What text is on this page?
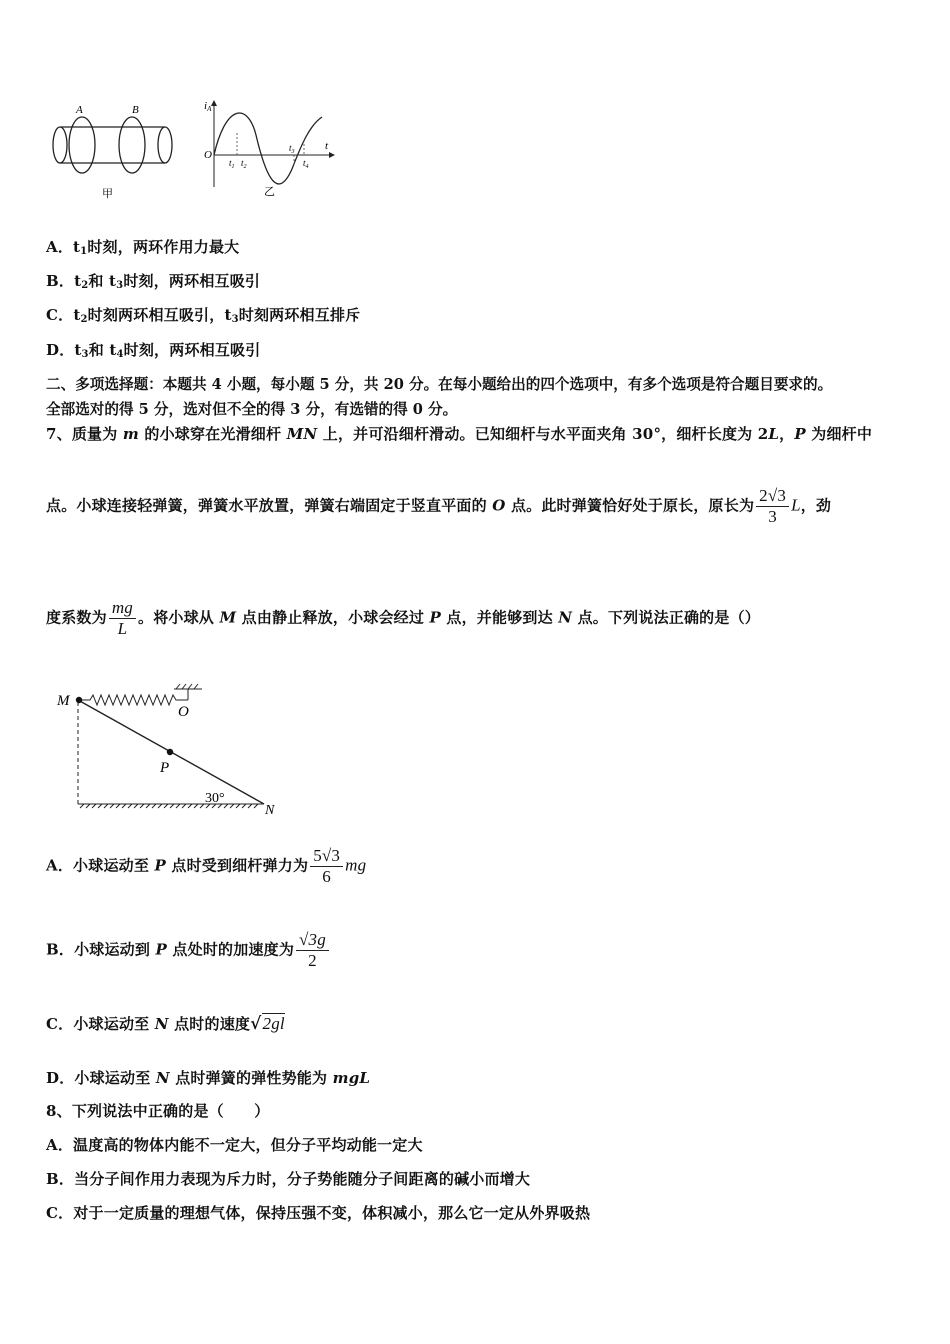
A	B
甲
iA
t
O
$t_1$ $t_2$
$t_3$
$t_4$
乙
A．$t_1$时刻，两环作用力最大
B．$t_2$和 $t_3$时刻，两环相互吸引
C．$t_2$时刻两环相互吸引，$t_3$时刻两环相互排斥
D．$t_3$和 $t_4$时刻，两环相互吸引
二、多项选择题：本题共 4 小题，每小题 5 分，共 20 分。在每小题给出的四个选项中，有多个选项是符合题目要求的。
全部选对的得 5 分，选对但不全的得 3 分，有选错的得 0 分。
7、质量为 m 的小球穿在光滑细杆 MN 上，并可沿细杆滑动。已知细杆与水平面夹角 30°，细杆长度为 2L，P 为细杆中
点。小球连接轻弹簧，弹簧水平放置，弹簧右端固定于竖直平面的 O 点。此时弹簧恰好处于原长，原长为 $\frac{2√3}{3}$ L，劲
度系数为 $\frac{mg}{L}$ 。将小球从 M 点由静止释放，小球会经过 P 点，并能够到达 N 点。下列说法正确的是（）
M
O
P
30°
N
A．小球运动至 P 点时受到细杆弹力为 $\frac{5√3}{6}$ mg
B．小球运动到 P 点处时的加速度为 $\frac{√3g}{2}$
C．小球运动至 N 点时的速度√2gl
D．小球运动至 N 点时弹簧的弹性势能为 mgL
8、下列说法中正确的是（　　）
A．温度高的物体内能不一定大，但分子平均动能一定大
B．当分子间作用力表现为斥力时，分子势能随分子间距离的碱小而增大
C．对于一定质量的理想气体，保持压强不变，体积减小，那么它一定从外界吸热
